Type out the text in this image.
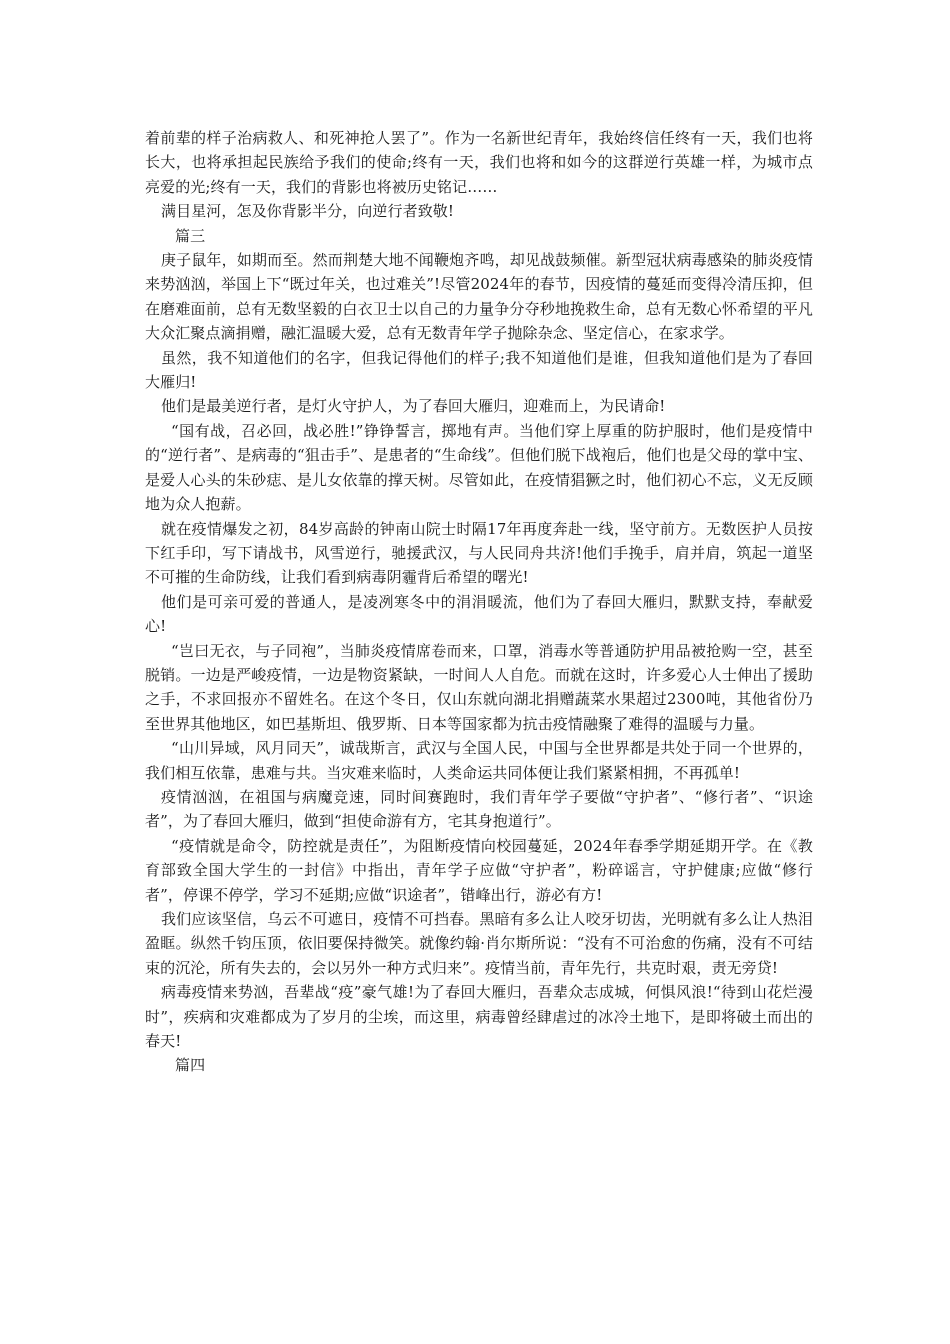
着前辈的样子治病救人、和死神抢人罢了”。作为一名新世纪青年，我始终信任终有一天，我们也将长大，也将承担起民族给予我们的使命;终有一天，我们也将和如今的这群逆行英雄一样，为城市点亮爱的光;终有一天，我们的背影也将被历史铭记……

满目星河，怎及你背影半分，向逆行者致敬!

篇三

庚子鼠年，如期而至。然而荆楚大地不闻鞭炮齐鸣，却见战鼓频催。新型冠状病毒感染的肺炎疫情来势汹汹，举国上下“既过年关，也过难关”!尽管2024年的春节，因疫情的蔓延而变得冷清压抑，但在磨难面前，总有无数坚毅的白衣卫士以自己的力量争分夺秒地挽救生命，总有无数心怀希望的平凡大众汇聚点滴捐赠，融汇温暖大爱，总有无数青年学子抛除杂念、坚定信心，在家求学。

虽然，我不知道他们的名字，但我记得他们的样子;我不知道他们是谁，但我知道他们是为了春回大雁归!

他们是最美逆行者，是灯火守护人，为了春回大雁归，迎难而上，为民请命!

“国有战，召必回，战必胜!”铮铮誓言，掷地有声。当他们穿上厚重的防护服时，他们是疫情中的“逆行者”、是病毒的“狙击手”、是患者的“生命线”。但他们脱下战袍后，他们也是父母的掌中宝、是爱人心头的朱砂痣、是儿女依靠的撑天树。尽管如此，在疫情猖獗之时，他们初心不忘，义无反顾地为众人抱薪。

就在疫情爆发之初，84岁高龄的钟南山院士时隔17年再度奔赴一线，坚守前方。无数医护人员按下红手印，写下请战书，风雪逆行，驰援武汉，与人民同舟共济!他们手挽手，肩并肩，筑起一道坚不可摧的生命防线，让我们看到病毒阴霾背后希望的曙光!

他们是可亲可爱的普通人，是凌冽寒冬中的涓涓暖流，他们为了春回大雁归，默默支持，奉献爱心!

“岂曰无衣，与子同袍”，当肺炎疫情席卷而来，口罩，消毒水等普通防护用品被抢购一空，甚至脱销。一边是严峻疫情，一边是物资紧缺，一时间人人自危。而就在这时，许多爱心人士伸出了援助之手，不求回报亦不留姓名。在这个冬日，仅山东就向湖北捐赠蔬菜水果超过2300吨，其他省份乃至世界其他地区，如巴基斯坦、俄罗斯、日本等国家都为抗击疫情融聚了难得的温暖与力量。

“山川异域，风月同天”，诚哉斯言，武汉与全国人民，中国与全世界都是共处于同一个世界的，我们相互依靠，患难与共。当灾难来临时，人类命运共同体便让我们紧紧相拥，不再孤单!

疫情汹汹，在祖国与病魔竞速，同时间赛跑时，我们青年学子要做“守护者”、“修行者”、“识途者”，为了春回大雁归，做到“担使命游有方，宅其身抱道行”。

“疫情就是命令，防控就是责任”，为阻断疫情向校园蔓延，2024年春季学期延期开学。在《教育部致全国大学生的一封信》中指出，青年学子应做“守护者”，粉碎谣言，守护健康;应做“修行者”，停课不停学，学习不延期;应做“识途者”，错峰出行，游必有方!

我们应该坚信，乌云不可遮日，疫情不可挡春。黑暗有多么让人咬牙切齿，光明就有多么让人热泪盈眶。纵然千钧压顶，依旧要保持微笑。就像约翰·肖尔斯所说：“没有不可治愈的伤痛，没有不可结束的沉沦，所有失去的，会以另外一种方式归来”。疫情当前，青年先行，共克时艰，责无旁贷!

病毒疫情来势汹，吾辈战“疫”豪气雄!为了春回大雁归，吾辈众志成城，何惧风浪!“待到山花烂漫时”，疾病和灾难都成为了岁月的尘埃，而这里，病毒曾经肆虐过的冰冷土地下，是即将破土而出的春天!

篇四
